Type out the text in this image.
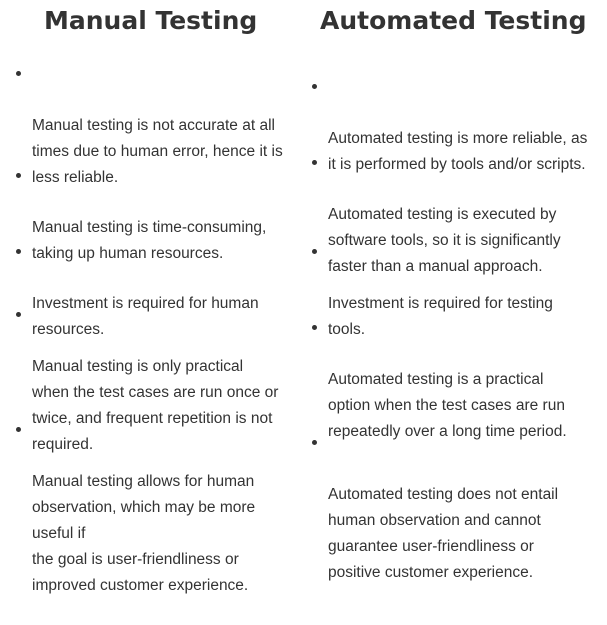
Manual Testing	Automated Testing

Manual testing is not accurate at all
times due to human error, hence it is
less reliable.

Manual testing is time-consuming,
taking up human resources.

Investment is required for human
resources.

Manual testing is only practical
when the test cases are run once or
twice, and frequent repetition is not
required.

Manual testing allows for human
observation, which may be more
useful if
the goal is user-friendliness or
improved customer experience.

Automated testing is more reliable, as
it is performed by tools and/or scripts.

Automated testing is executed by
software tools, so it is significantly
faster than a manual approach.

Investment is required for testing
tools.

Automated testing is a practical
option when the test cases are run
repeatedly over a long time period.

Automated testing does not entail
human observation and cannot
guarantee user-friendliness or
positive customer experience.
